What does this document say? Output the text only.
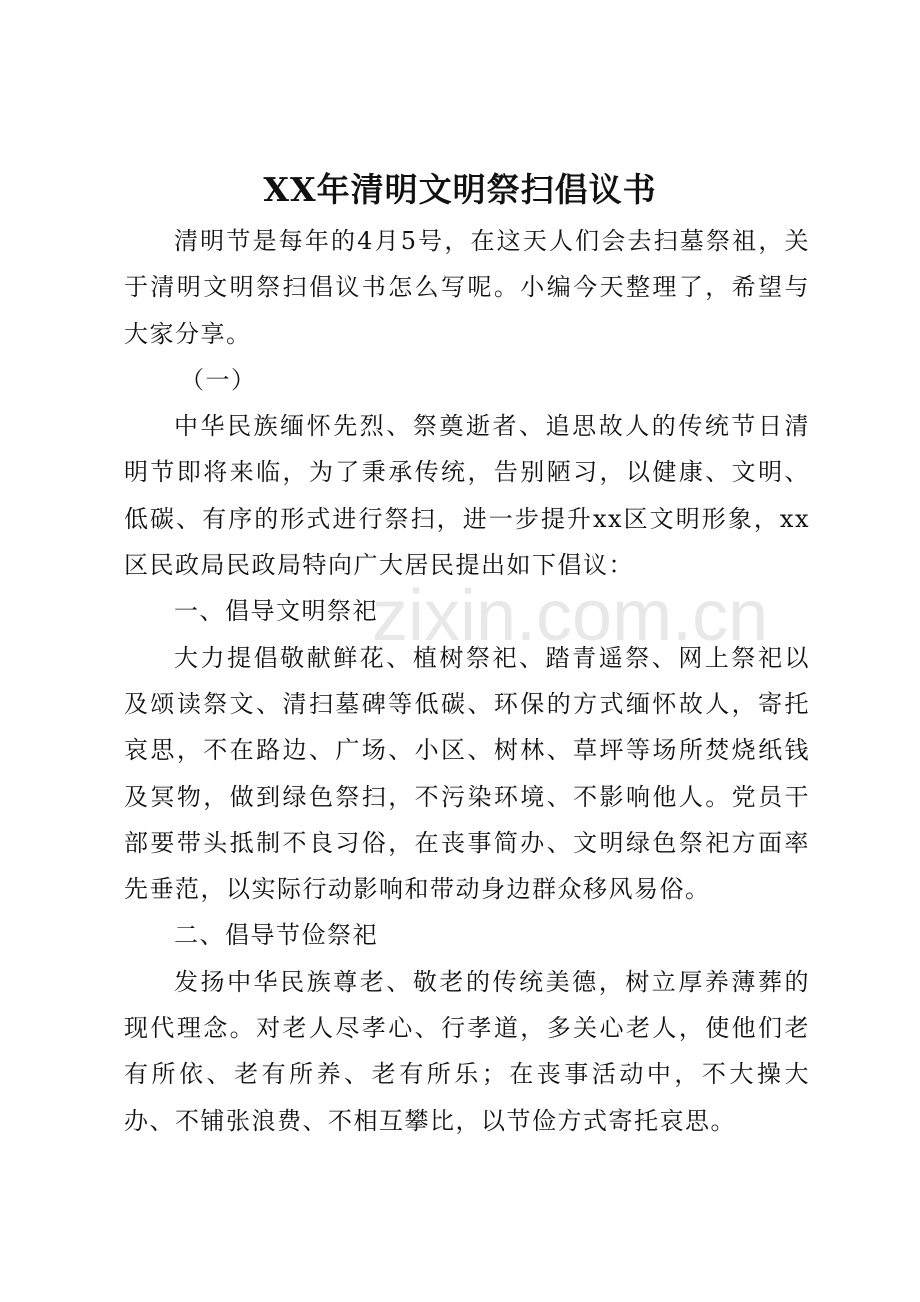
XX年清明文明祭扫倡议书

清明节是每年的4月5号，在这天人们会去扫墓祭祖，关于清明文明祭扫倡议书怎么写呢。小编今天整理了，希望与大家分享。

（一）

中华民族缅怀先烈、祭奠逝者、追思故人的传统节日清明节即将来临，为了秉承传统，告别陋习，以健康、文明、低碳、有序的形式进行祭扫，进一步提升xx区文明形象，xx区民政局民政局特向广大居民提出如下倡议：

一、倡导文明祭祀

大力提倡敬献鲜花、植树祭祀、踏青遥祭、网上祭祀以及颂读祭文、清扫墓碑等低碳、环保的方式缅怀故人，寄托哀思，不在路边、广场、小区、树林、草坪等场所焚烧纸钱及冥物，做到绿色祭扫，不污染环境、不影响他人。党员干部要带头抵制不良习俗，在丧事简办、文明绿色祭祀方面率先垂范，以实际行动影响和带动身边群众移风易俗。

二、倡导节俭祭祀

发扬中华民族尊老、敬老的传统美德，树立厚养薄葬的现代理念。对老人尽孝心、行孝道，多关心老人，使他们老有所依、老有所养、老有所乐；在丧事活动中，不大操大办、不铺张浪费、不相互攀比，以节俭方式寄托哀思。

zixin.com.cn
